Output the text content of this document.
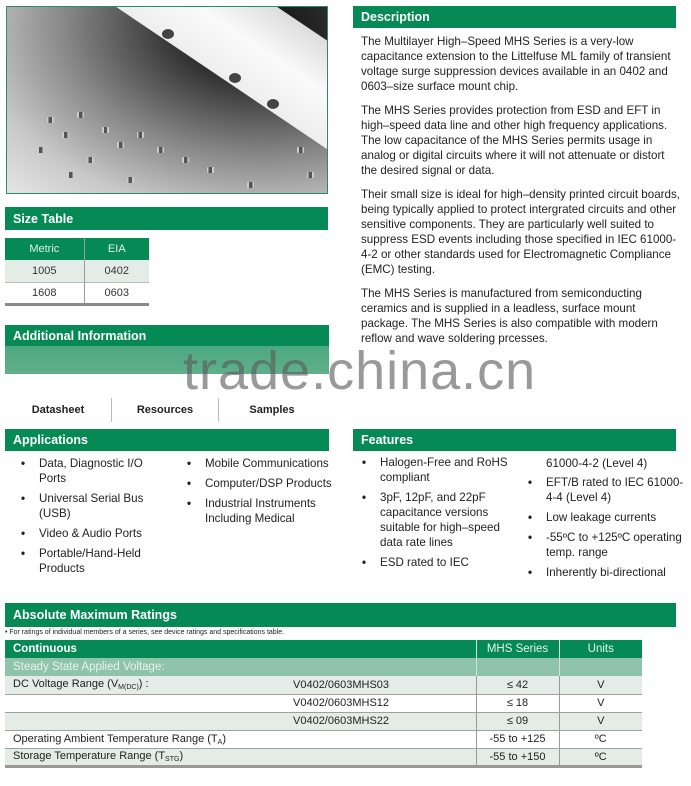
Description

The Multilayer High–Speed MHS Series is a very-low capacitance extension to the Littelfuse ML family of transient voltage surge suppression devices available in an 0402 and 0603–size surface mount chip.

The MHS Series provides protection from ESD and EFT in high–speed data line and other high frequency applications. The low capacitance of the MHS Series permits usage in analog or digital circuits where it will not attenuate or distort the desired signal or data.

Their small size is ideal for high–density printed circuit boards, being typically applied to protect intergrated circuits and other sensitive components. They are particularly well suited to suppress ESD events including those specified in IEC 61000-4-2 or other standards used for Electromagnetic Compliance (EMC) testing.

The MHS Series is manufactured from semiconducting ceramics and is supplied in a leadless, surface mount package. The MHS Series is also compatible with modern reflow and wave soldering prcesses.

Size Table
Metric	EIA
1005	0402
1608	0603
Additional Information
Datasheet	Resources	Samples
trade.china.cn
Applications
• Data, Diagnostic I/O Ports
• Universal Serial Bus (USB)
• Video & Audio Ports
• Portable/Hand-Held Products
• Mobile Communications
• Computer/DSP Products
• Industrial Instruments Including Medical
Features
• Halogen-Free and RoHS compliant
• 3pF, 12pF, and 22pF capacitance versions suitable for high–speed data rate lines
• ESD rated to IEC
61000-4-2 (Level 4)
• EFT/B rated to IEC 61000-4-4 (Level 4)
• Low leakage currents
• -55ºC to +125ºC operating temp. range
• Inherently bi-directional
Absolute Maximum Ratings
• For ratings of individual members of a series, see device ratings and specifications table.
Continuous		MHS Series	Units
Steady State Applied Voltage:			
DC Voltage Range $(V_{M(DC)})$ :	V0402/0603MHS03	≤ 42	V
	V0402/0603MHS12	≤ 18	V
	V0402/0603MHS22	≤ 09	V
Operating Ambient Temperature Range $(T_A)$		-55 to +125	ºC
Storage Temperature Range $(T_{STG})$		-55 to +150	ºC
